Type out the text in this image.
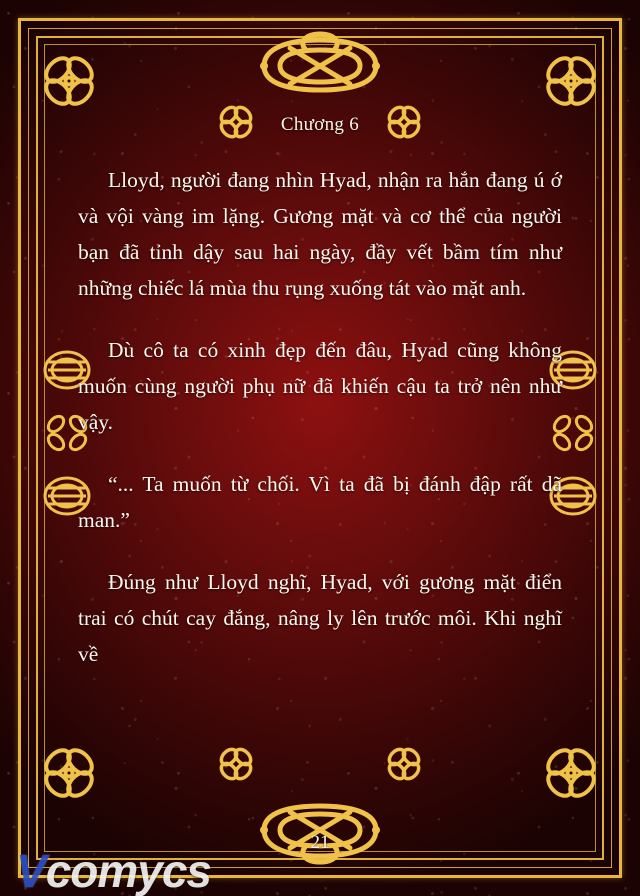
Chương 6

Lloyd, người đang nhìn Hyad, nhận ra hắn đang ú ớ và vội vàng im lặng. Gương mặt và cơ thể của người bạn đã tỉnh dậy sau hai ngày, đầy vết bầm tím như những chiếc lá mùa thu rụng xuống tát vào mặt anh.

Dù cô ta có xinh đẹp đến đâu, Hyad cũng không muốn cùng người phụ nữ đã khiến cậu ta trở nên như vậy.

“... Ta muốn từ chối. Vì ta đã bị đánh đập rất dã man.”

Đúng như Lloyd nghĩ, Hyad, với gương mặt điển trai có chút cay đắng, nâng ly lên trước môi. Khi nghĩ về

21
Vcomycs
